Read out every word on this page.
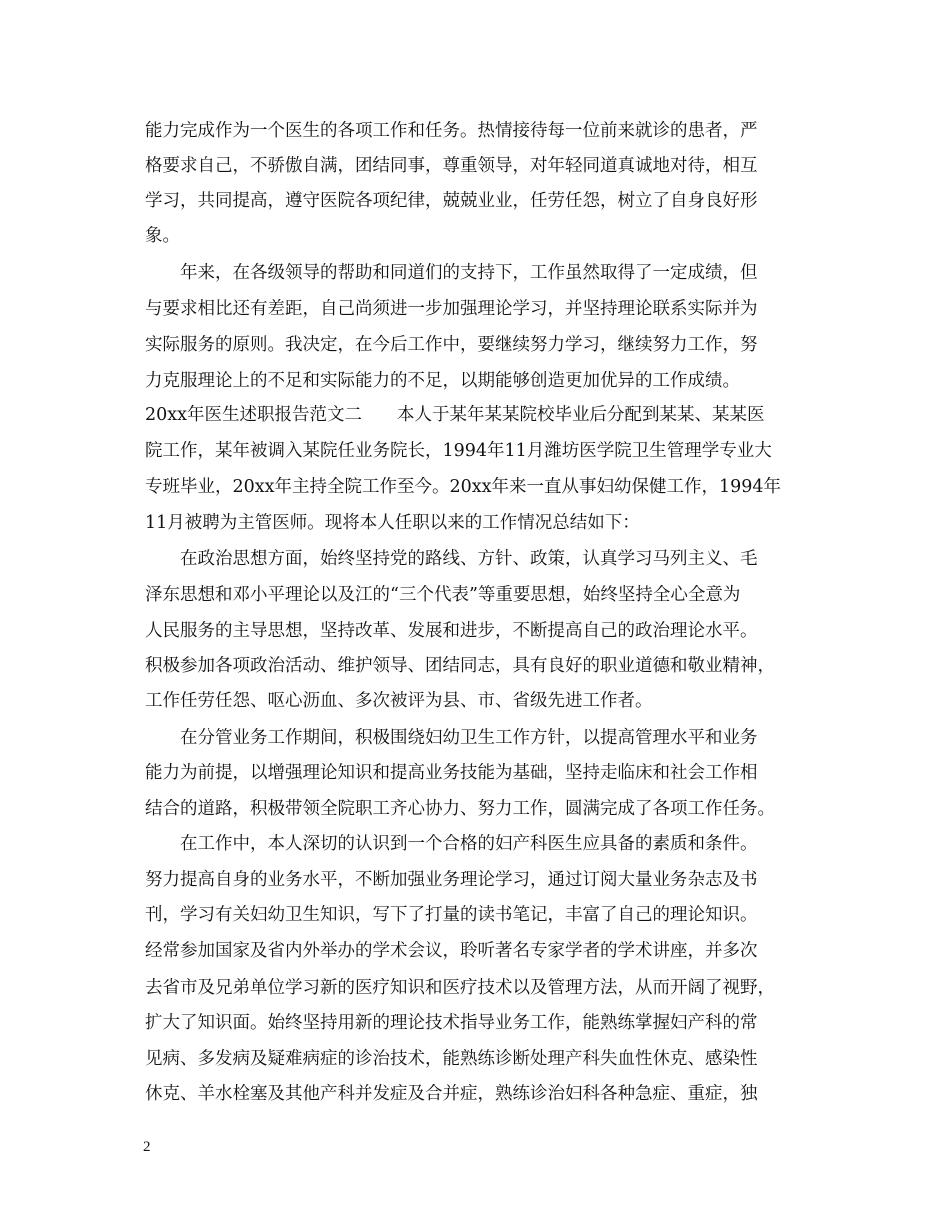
能力完成作为一个医生的各项工作和任务。热情接待每一位前来就诊的患者，严

格要求自己，不骄傲自满，团结同事，尊重领导，对年轻同道真诚地对待，相互

学习，共同提高，遵守医院各项纪律，兢兢业业，任劳任怨，树立了自身良好形

象。

年来，在各级领导的帮助和同道们的支持下，工作虽然取得了一定成绩，但

与要求相比还有差距，自己尚须进一步加强理论学习，并坚持理论联系实际并为

实际服务的原则。我决定，在今后工作中，要继续努力学习，继续努力工作，努

力克服理论上的不足和实际能力的不足，以期能够创造更加优异的工作成绩。

20xx年医生述职报告范文二　　本人于某年某某院校毕业后分配到某某、某某医

院工作，某年被调入某院任业务院长，1994年11月潍坊医学院卫生管理学专业大

专班毕业，20xx年主持全院工作至今。20xx年来一直从事妇幼保健工作，1994年

11月被聘为主管医师。现将本人任职以来的工作情况总结如下：

在政治思想方面，始终坚持党的路线、方针、政策，认真学习马列主义、毛

泽东思想和邓小平理论以及江的“三个代表”等重要思想，始终坚持全心全意为

人民服务的主导思想，坚持改革、发展和进步，不断提高自己的政治理论水平。

积极参加各项政治活动、维护领导、团结同志，具有良好的职业道德和敬业精神，

工作任劳任怨、呕心沥血、多次被评为县、市、省级先进工作者。

在分管业务工作期间，积极围绕妇幼卫生工作方针，以提高管理水平和业务

能力为前提，以增强理论知识和提高业务技能为基础，坚持走临床和社会工作相

结合的道路，积极带领全院职工齐心协力、努力工作，圆满完成了各项工作任务。

在工作中，本人深切的认识到一个合格的妇产科医生应具备的素质和条件。

努力提高自身的业务水平，不断加强业务理论学习，通过订阅大量业务杂志及书

刊，学习有关妇幼卫生知识，写下了打量的读书笔记，丰富了自己的理论知识。

经常参加国家及省内外举办的学术会议，聆听著名专家学者的学术讲座，并多次

去省市及兄弟单位学习新的医疗知识和医疗技术以及管理方法，从而开阔了视野，

扩大了知识面。始终坚持用新的理论技术指导业务工作，能熟练掌握妇产科的常

见病、多发病及疑难病症的诊治技术，能熟练诊断处理产科失血性休克、感染性

休克、羊水栓塞及其他产科并发症及合并症，熟练诊治妇科各种急症、重症，独

2
